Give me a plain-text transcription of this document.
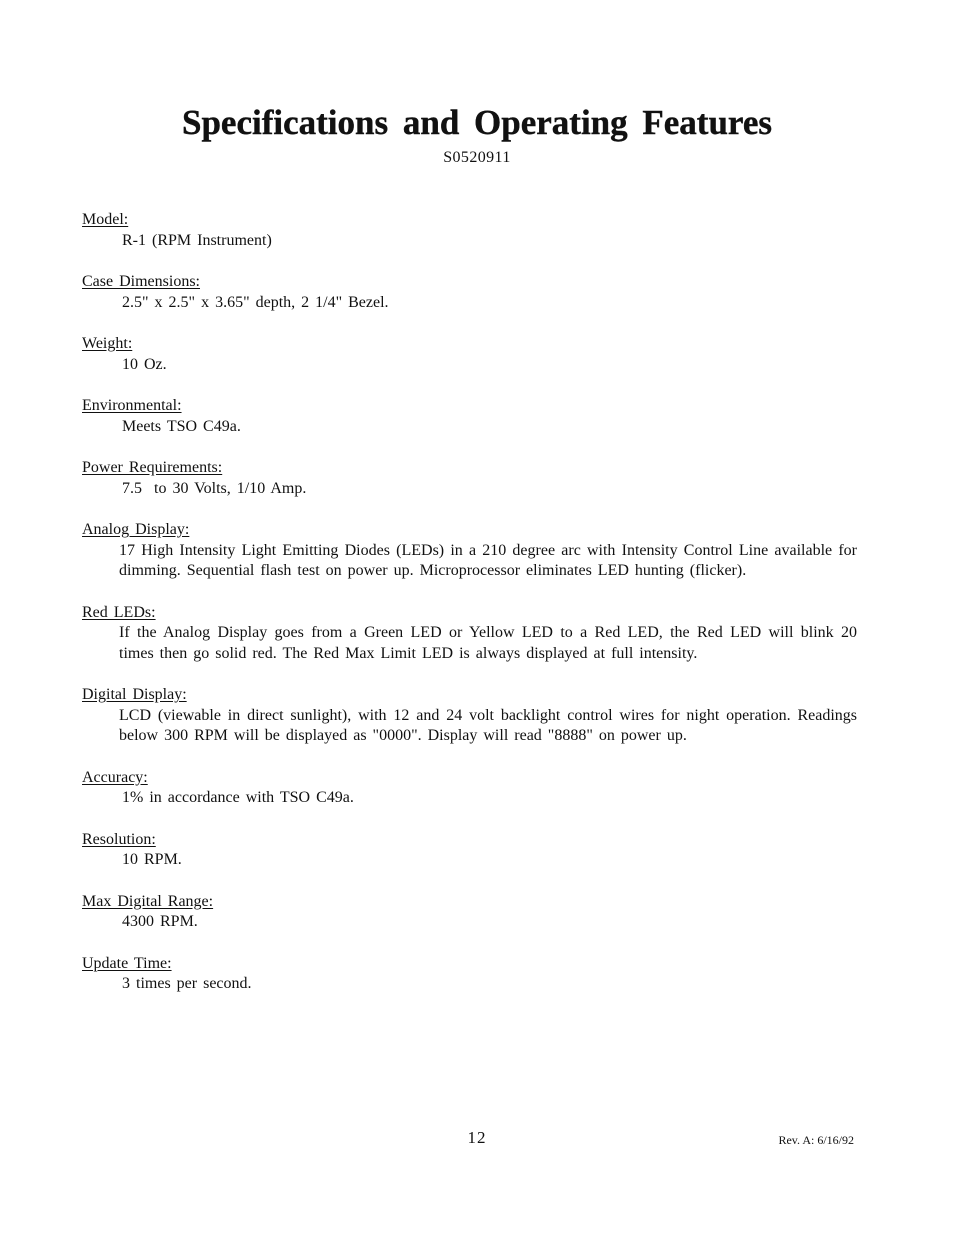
Specifications and Operating Features
S0520911
Model:
R-1 (RPM Instrument)
Case Dimensions:
2.5" x 2.5" x 3.65" depth, 2 1/4" Bezel.
Weight:
10 Oz.
Environmental:
Meets TSO C49a.
Power Requirements:
7.5  to 30 Volts, 1/10 Amp.
Analog Display:
17 High Intensity Light Emitting Diodes (LEDs) in a 210 degree arc with Intensity Control Line available for dimming. Sequential flash test on power up. Microprocessor eliminates LED hunting (flicker).
Red LEDs:
If the Analog Display goes from a Green LED or Yellow LED to a Red LED, the Red LED will blink 20 times then go solid red. The Red Max Limit LED is always displayed at full intensity.
Digital Display:
LCD (viewable in direct sunlight), with 12 and 24 volt backlight control wires for night operation. Readings below 300 RPM will be displayed as "0000". Display will read "8888" on power up.
Accuracy:
1% in accordance with TSO C49a.
Resolution:
10 RPM.
Max Digital Range:
4300 RPM.
Update Time:
3 times per second.
12	Rev. A: 6/16/92
